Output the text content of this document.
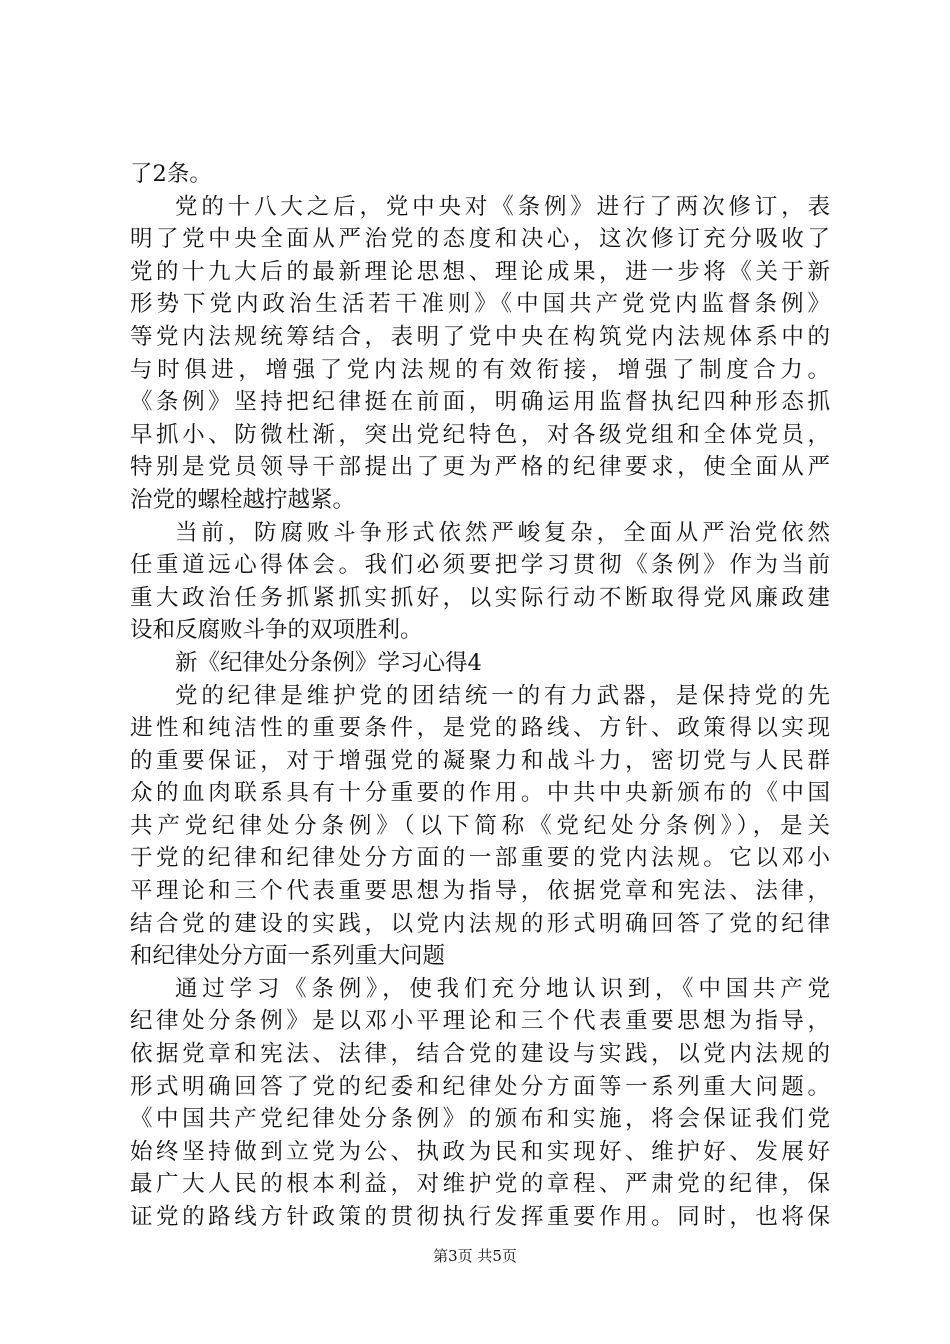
了2条。
党的十八大之后，党中央对《条例》进行了两次修订，表
明了党中央全面从严治党的态度和决心，这次修订充分吸收了
党的十九大后的最新理论思想、理论成果，进一步将《关于新
形势下党内政治生活若干准则》《中国共产党党内监督条例》
等党内法规统筹结合，表明了党中央在构筑党内法规体系中的
与时俱进，增强了党内法规的有效衔接，增强了制度合力。
《条例》坚持把纪律挺在前面，明确运用监督执纪四种形态抓
早抓小、防微杜渐，突出党纪特色，对各级党组和全体党员，
特别是党员领导干部提出了更为严格的纪律要求，使全面从严
治党的螺栓越拧越紧。
当前，防腐败斗争形式依然严峻复杂，全面从严治党依然
任重道远心得体会。我们必须要把学习贯彻《条例》作为当前
重大政治任务抓紧抓实抓好，以实际行动不断取得党风廉政建
设和反腐败斗争的双项胜利。
新《纪律处分条例》学习心得4
党的纪律是维护党的团结统一的有力武器，是保持党的先
进性和纯洁性的重要条件，是党的路线、方针、政策得以实现
的重要保证，对于增强党的凝聚力和战斗力，密切党与人民群
众的血肉联系具有十分重要的作用。中共中央新颁布的《中国
共产党纪律处分条例》（以下简称《党纪处分条例》），是关
于党的纪律和纪律处分方面的一部重要的党内法规。它以邓小
平理论和三个代表重要思想为指导，依据党章和宪法、法律，
结合党的建设的实践，以党内法规的形式明确回答了党的纪律
和纪律处分方面一系列重大问题
通过学习《条例》，使我们充分地认识到，《中国共产党
纪律处分条例》是以邓小平理论和三个代表重要思想为指导，
依据党章和宪法、法律，结合党的建设与实践，以党内法规的
形式明确回答了党的纪委和纪律处分方面等一系列重大问题。
《中国共产党纪律处分条例》的颁布和实施，将会保证我们党
始终坚持做到立党为公、执政为民和实现好、维护好、发展好
最广大人民的根本利益，对维护党的章程、严肃党的纪律，保
证党的路线方针政策的贯彻执行发挥重要作用。同时，也将保
第3页 共5页
